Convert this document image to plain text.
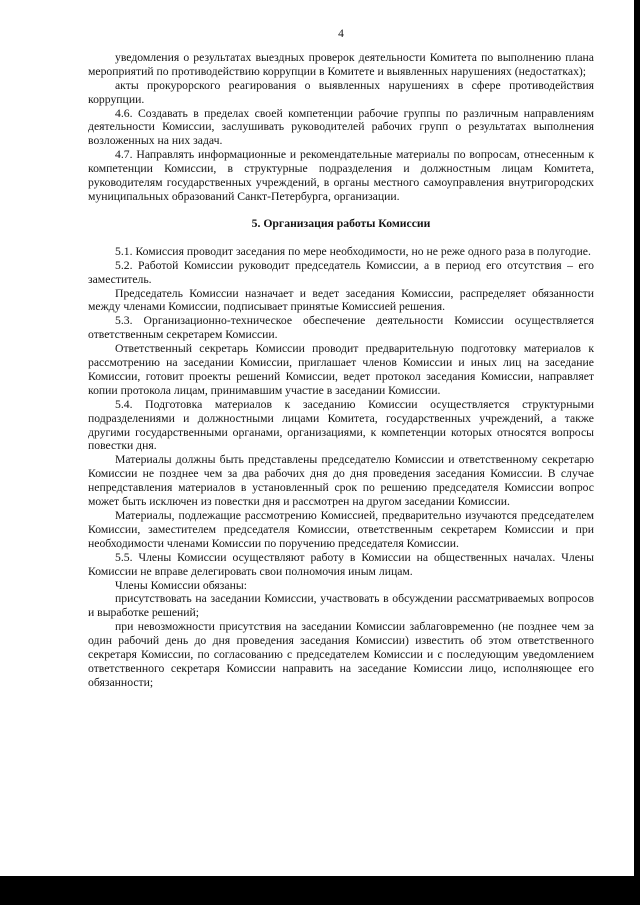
4

уведомления о результатах выездных проверок деятельности Комитета по выполнению плана мероприятий по противодействию коррупции в Комитете и выявленных нарушениях (недостатках);

акты прокурорского реагирования о выявленных нарушениях в сфере противодействия коррупции.

4.6. Создавать в пределах своей компетенции рабочие группы по различным направлениям деятельности Комиссии, заслушивать руководителей рабочих групп о результатах выполнения возложенных на них задач.

4.7. Направлять информационные и рекомендательные материалы по вопросам, отнесенным к компетенции Комиссии, в структурные подразделения и должностным лицам Комитета, руководителям государственных учреждений, в органы местного самоуправления внутригородских муниципальных образований Санкт-Петербурга, организации.

5. Организация работы Комиссии

5.1. Комиссия проводит заседания по мере необходимости, но не реже одного раза в полугодие.

5.2. Работой Комиссии руководит председатель Комиссии, а в период его отсутствия – его заместитель.

Председатель Комиссии назначает и ведет заседания Комиссии, распределяет обязанности между членами Комиссии, подписывает принятые Комиссией решения.

5.3. Организационно-техническое обеспечение деятельности Комиссии осуществляется ответственным секретарем Комиссии.

Ответственный секретарь Комиссии проводит предварительную подготовку материалов к рассмотрению на заседании Комиссии, приглашает членов Комиссии и иных лиц на заседание Комиссии, готовит проекты решений Комиссии, ведет протокол заседания Комиссии, направляет копии протокола лицам, принимавшим участие в заседании Комиссии.

5.4. Подготовка материалов к заседанию Комиссии осуществляется структурными подразделениями и должностными лицами Комитета, государственных учреждений, а также другими государственными органами, организациями, к компетенции которых относятся вопросы повестки дня.

Материалы должны быть представлены председателю Комиссии и ответственному секретарю Комиссии не позднее чем за два рабочих дня до дня проведения заседания Комиссии. В случае непредставления материалов в установленный срок по решению председателя Комиссии вопрос может быть исключен из повестки дня и рассмотрен на другом заседании Комиссии.

Материалы, подлежащие рассмотрению Комиссией, предварительно изучаются председателем Комиссии, заместителем председателя Комиссии, ответственным секретарем Комиссии и при необходимости членами Комиссии по поручению председателя Комиссии.

5.5. Члены Комиссии осуществляют работу в Комиссии на общественных началах. Члены Комиссии не вправе делегировать свои полномочия иным лицам.

Члены Комиссии обязаны:

присутствовать на заседании Комиссии, участвовать в обсуждении рассматриваемых вопросов и выработке решений;

при невозможности присутствия на заседании Комиссии заблаговременно (не позднее чем за один рабочий день до дня проведения заседания Комиссии) известить об этом ответственного секретаря Комиссии, по согласованию с председателем Комиссии и с последующим уведомлением ответственного секретаря Комиссии направить на заседание Комиссии лицо, исполняющее его обязанности;
